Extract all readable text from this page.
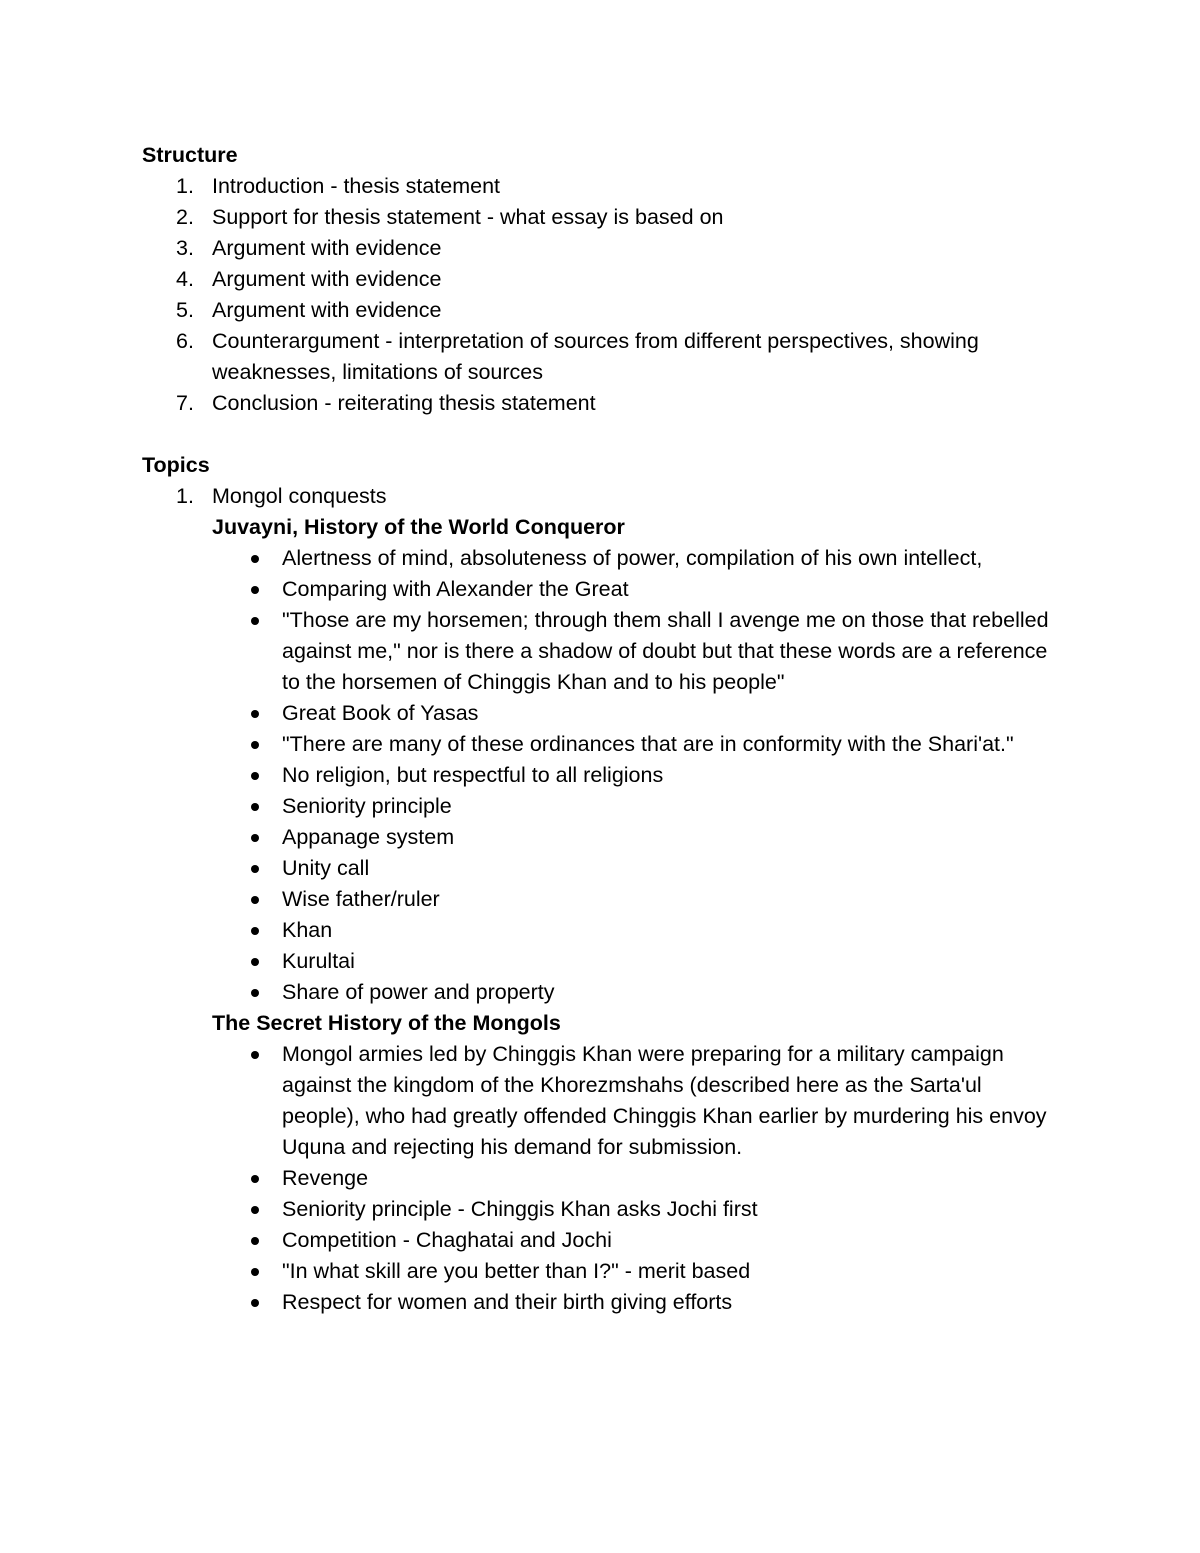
Structure

1. Introduction - thesis statement
2. Support for thesis statement - what essay is based on
3. Argument with evidence
4. Argument with evidence
5. Argument with evidence
6. Counterargument - interpretation of sources from different perspectives, showing weaknesses, limitations of sources
7. Conclusion - reiterating thesis statement

Topics

1. Mongol conquests

Juvayni, History of the World Conqueror

Alertness of mind, absoluteness of power, compilation of his own intellect,
Comparing with Alexander the Great
"Those are my horsemen; through them shall I avenge me on those that rebelled against me," nor is there a shadow of doubt but that these words are a reference to the horsemen of Chinggis Khan and to his people"
Great Book of Yasas
"There are many of these ordinances that are in conformity with the Shari'at."
No religion, but respectful to all religions
Seniority principle
Appanage system
Unity call
Wise father/ruler
Khan
Kurultai
Share of power and property

The Secret History of the Mongols

Mongol armies led by Chinggis Khan were preparing for a military campaign against the kingdom of the Khorezmshahs (described here as the Sarta'ul people), who had greatly offended Chinggis Khan earlier by murdering his envoy Uquna and rejecting his demand for submission.
Revenge
Seniority principle - Chinggis Khan asks Jochi first
Competition - Chaghatai and Jochi
"In what skill are you better than I?" - merit based
Respect for women and their birth giving efforts
